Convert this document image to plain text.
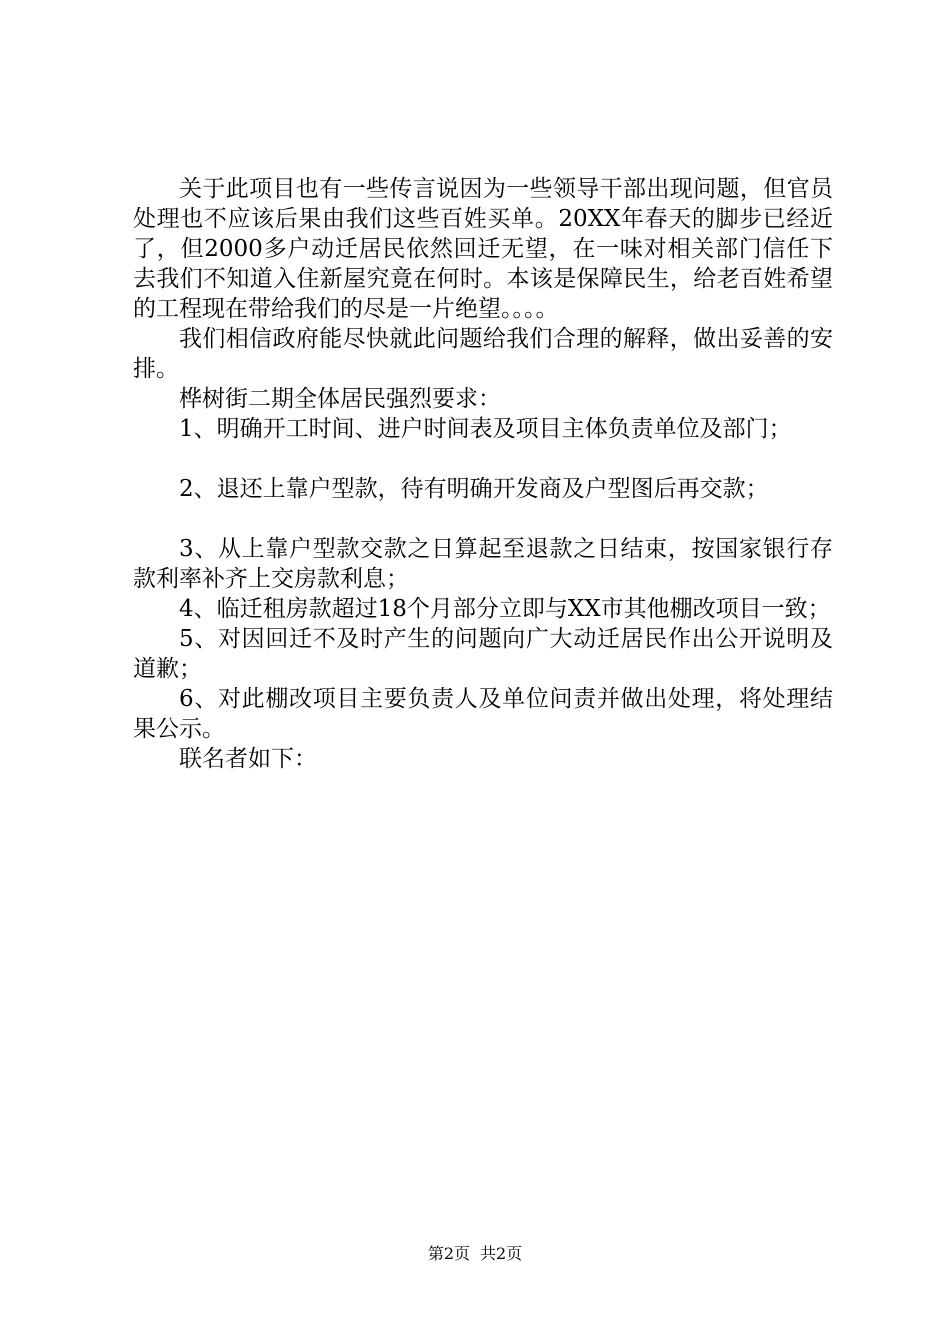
关于此项目也有一些传言说因为一些领导干部出现问题，但官员处理也不应该后果由我们这些百姓买单。20XX年春天的脚步已经近了，但2000多户动迁居民依然回迁无望，在一味对相关部门信任下去我们不知道入住新屋究竟在何时。本该是保障民生，给老百姓希望的工程现在带给我们的尽是一片绝望。。。。

我们相信政府能尽快就此问题给我们合理的解释，做出妥善的安排。

桦树街二期全体居民强烈要求：

1、明确开工时间、进户时间表及项目主体负责单位及部门；

2、退还上靠户型款，待有明确开发商及户型图后再交款；

3、从上靠户型款交款之日算起至退款之日结束，按国家银行存款利率补齐上交房款利息；

4、临迁租房款超过18个月部分立即与XX市其他棚改项目一致；

5、对因回迁不及时产生的问题向广大动迁居民作出公开说明及道歉；

6、对此棚改项目主要负责人及单位问责并做出处理，将处理结果公示。

联名者如下：

第2页 共2页
